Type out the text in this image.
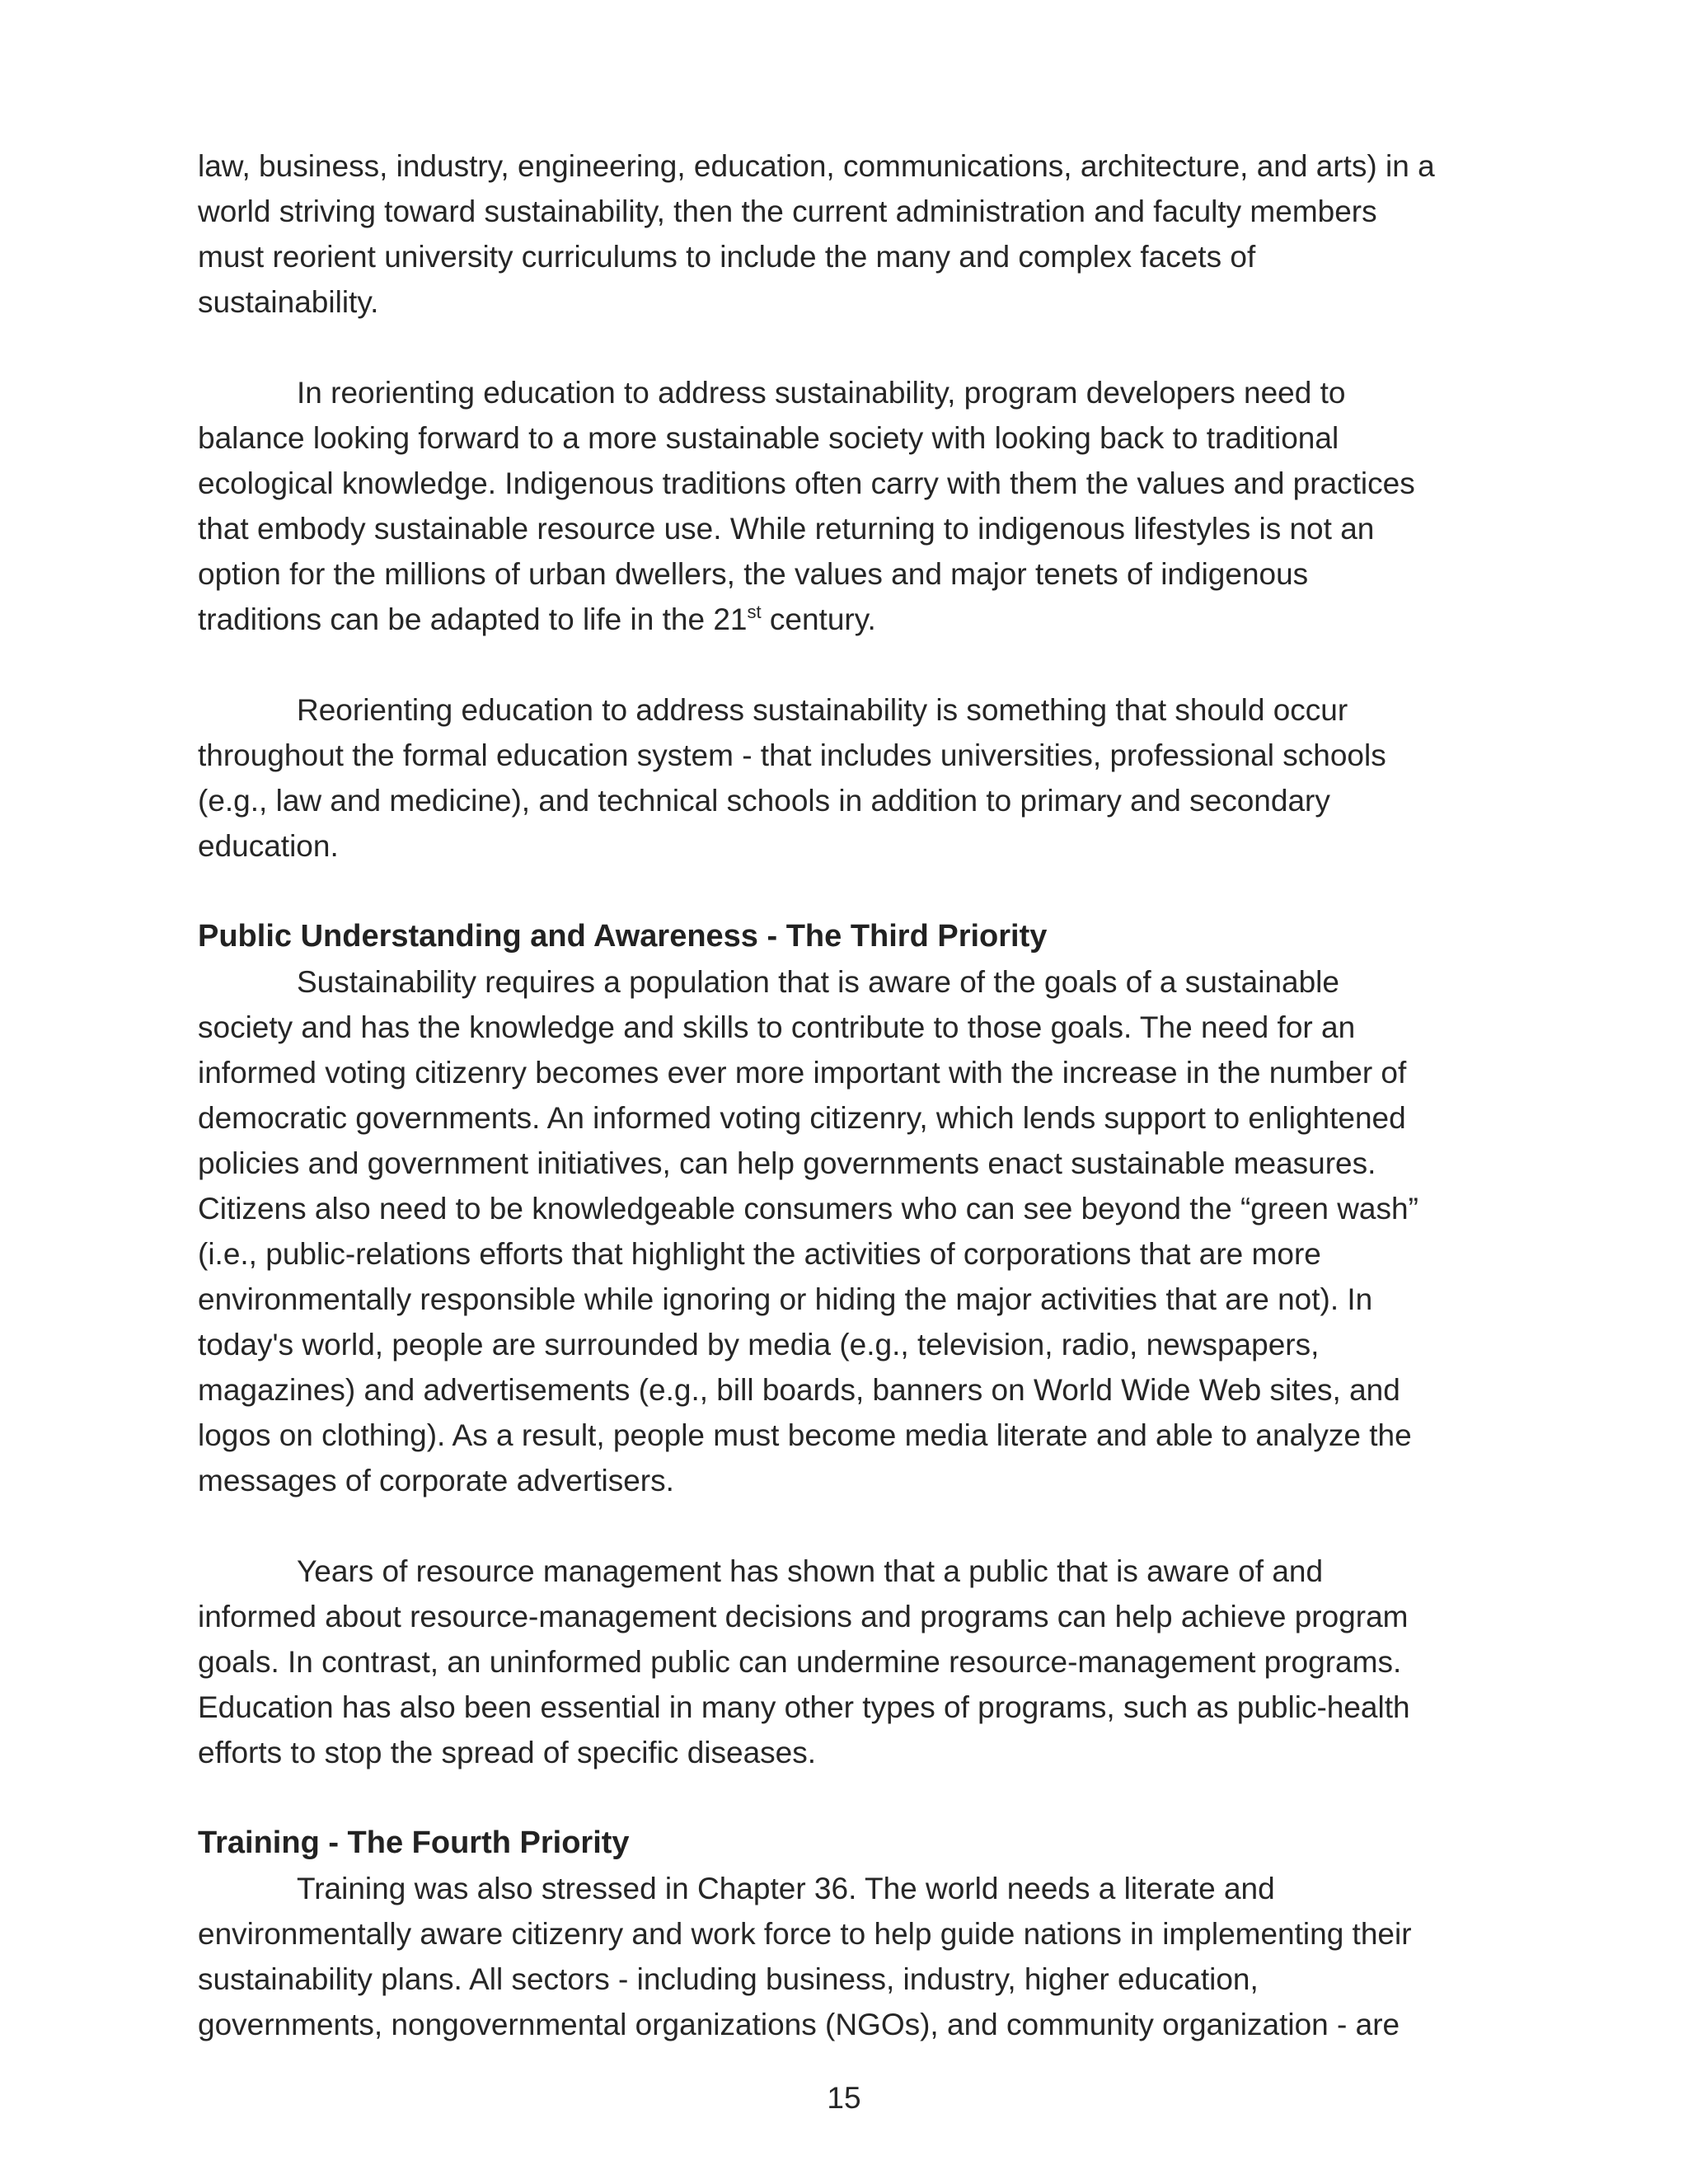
law, business, industry, engineering, education, communications, architecture, and arts) in a
world striving toward sustainability, then the current administration and faculty members
must reorient university curriculums to include the many and complex facets of
sustainability.
In reorienting education to address sustainability, program developers need to
balance looking forward to a more sustainable society with looking back to traditional
ecological knowledge. Indigenous traditions often carry with them the values and practices
that embody sustainable resource use. While returning to indigenous lifestyles is not an
option for the millions of urban dwellers, the values and major tenets of indigenous
traditions can be adapted to life in the 21st century.
Reorienting education to address sustainability is something that should occur
throughout the formal education system - that includes universities, professional schools
(e.g., law and medicine), and technical schools in addition to primary and secondary
education.
Public Understanding and Awareness - The Third Priority
Sustainability requires a population that is aware of the goals of a sustainable
society and has the knowledge and skills to contribute to those goals. The need for an
informed voting citizenry becomes ever more important with the increase in the number of
democratic governments. An informed voting citizenry, which lends support to enlightened
policies and government initiatives, can help governments enact sustainable measures.
Citizens also need to be knowledgeable consumers who can see beyond the “green wash”
(i.e., public-relations efforts that highlight the activities of corporations that are more
environmentally responsible while ignoring or hiding the major activities that are not). In
today's world, people are surrounded by media (e.g., television, radio, newspapers,
magazines) and advertisements (e.g., bill boards, banners on World Wide Web sites, and
logos on clothing). As a result, people must become media literate and able to analyze the
messages of corporate advertisers.
Years of resource management has shown that a public that is aware of and
informed about resource-management decisions and programs can help achieve program
goals. In contrast, an uninformed public can undermine resource-management programs.
Education has also been essential in many other types of programs, such as public-health
efforts to stop the spread of specific diseases.
Training - The Fourth Priority
Training was also stressed in Chapter 36. The world needs a literate and
environmentally aware citizenry and work force to help guide nations in implementing their
sustainability plans. All sectors - including business, industry, higher education,
governments, nongovernmental organizations (NGOs), and community organization - are
15
